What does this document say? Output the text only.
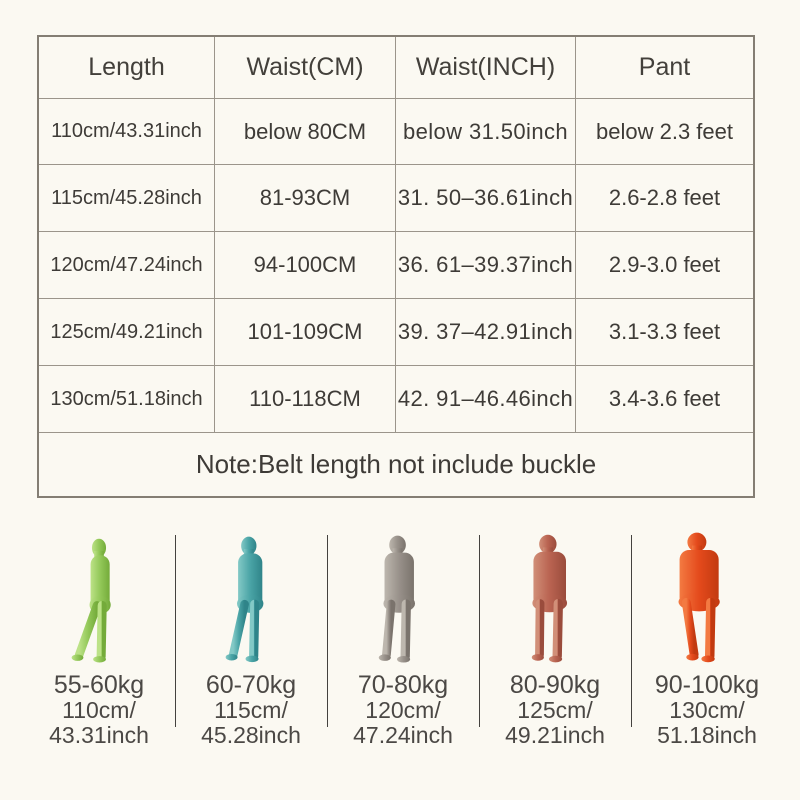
Length	Waist(CM)	Waist(INCH)	Pant
110cm/43.31inch	below 80CM	below 31.50inch	below 2.3 feet
115cm/45.28inch	81-93CM	31. 50–36.61inch	2.6-2.8 feet
120cm/47.24inch	94-100CM	36. 61–39.37inch	2.9-3.0 feet
125cm/49.21inch	101-109CM	39. 37–42.91inch	3.1-3.3 feet
130cm/51.18inch	110-118CM	42. 91–46.46inch	3.4-3.6 feet
Note:Belt length not include buckle
55-60kg
110cm/
43.31inch
60-70kg
115cm/
45.28inch
70-80kg
120cm/
47.24inch
80-90kg
125cm/
49.21inch
90-100kg
130cm/
51.18inch
